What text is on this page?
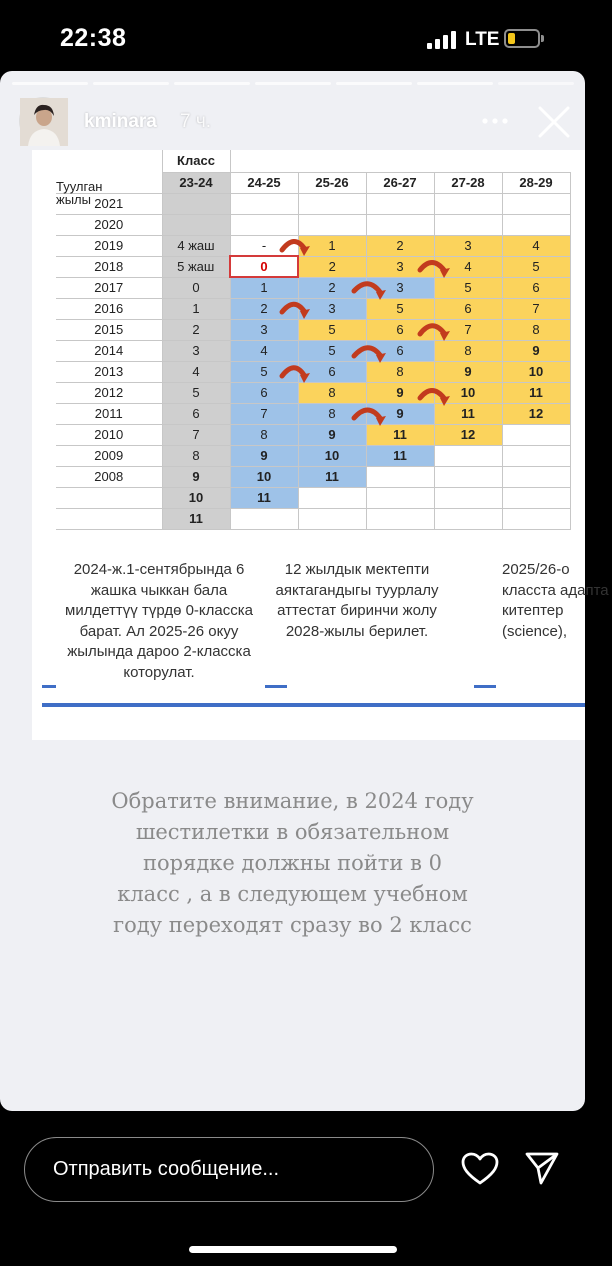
22:38	LTE
kminara 7 ч.
	Класс					
	23-24	24-25	25-26	26-27	27-28	28-29
2021						
2020						
2019	4 жаш	-	1	2	3	4
2018	5 жаш	0	2	3	4	5
2017	0	1	2	3	5	6
2016	1	2	3	5	6	7
2015	2	3	5	6	7	8
2014	3	4	5	6	8	9
2013	4	5	6	8	9	10
2012	5	6	8	9	10	11
2011	6	7	8	9	11	12
2010	7	8	9	11	12	
2009	8	9	10	11		
2008	9	10	11			
	10	11				
	11					
Туулган
жылы
2024-ж.1-сентябрында 6 жашка чыккан бала милдеттүү түрдө 0-класска барат. Ал 2025-26 окуу жылында дароо 2-класска которулат.
12 жылдык мектепти аяктагандыгы туурлалу аттестат биринчи жолу 2028-жылы берилет.
2025/26-о класста адапта китептер (science),
Обратите внимание, в 2024 году шестилетки в обязательном порядке должны пойти в 0 класс , а в следующем учебном году переходят сразу во 2 класс
Отправить сообщение...
